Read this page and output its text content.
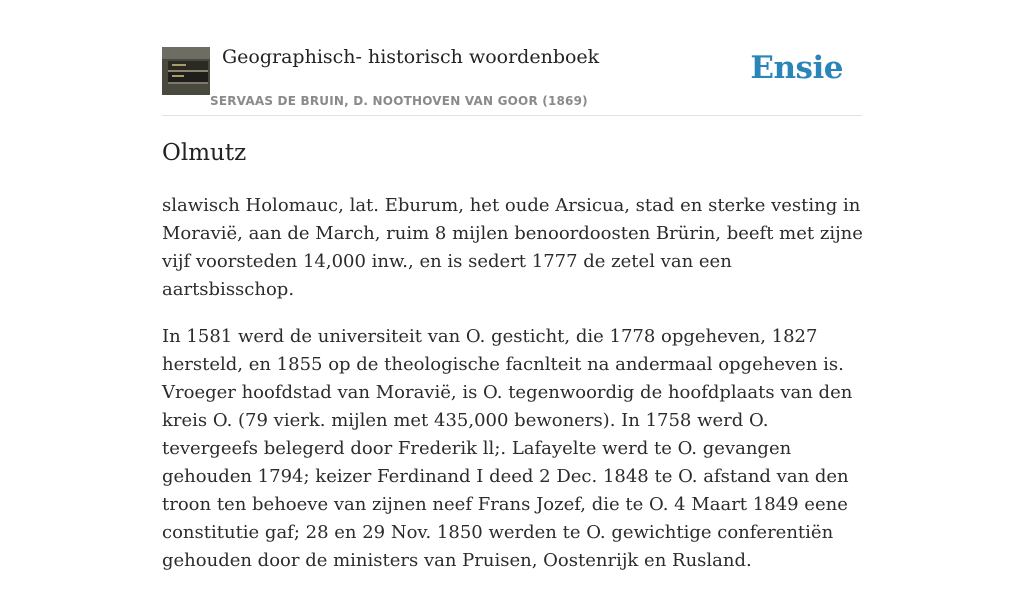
Geographisch- historisch woordenboek
SERVAAS DE BRUIN, D. NOOTHOVEN VAN GOOR (1869)
Ensie
Olmutz

slawisch Holomauc, lat. Eburum, het oude Arsicua, stad en sterke vesting in Moravië, aan de March, ruim 8 mijlen benoordoosten Brürin, beeft met zijne vijf voorsteden 14,000 inw., en is sedert 1777 de zetel van een aartsbisschop.

In 1581 werd de universiteit van O. gesticht, die 1778 opgeheven, 1827 hersteld, en 1855 op de theologische facnlteit na andermaal opgeheven is. Vroeger hoofdstad van Moravië, is O. tegenwoordig de hoofdplaats van den kreis O. (79 vierk. mijlen met 435,000 bewoners). In 1758 werd O. tevergeefs belegerd door Frederik ll;. Lafayelte werd te O. gevangen gehouden 1794; keizer Ferdinand I deed 2 Dec. 1848 te O. afstand van den troon ten behoeve van zijnen neef Frans Jozef, die te O. 4 Maart 1849 eene constitutie gaf; 28 en 29 Nov. 1850 werden te O. gewichtige conferentiën gehouden door de ministers van Pruisen, Oostenrijk en Rusland.
